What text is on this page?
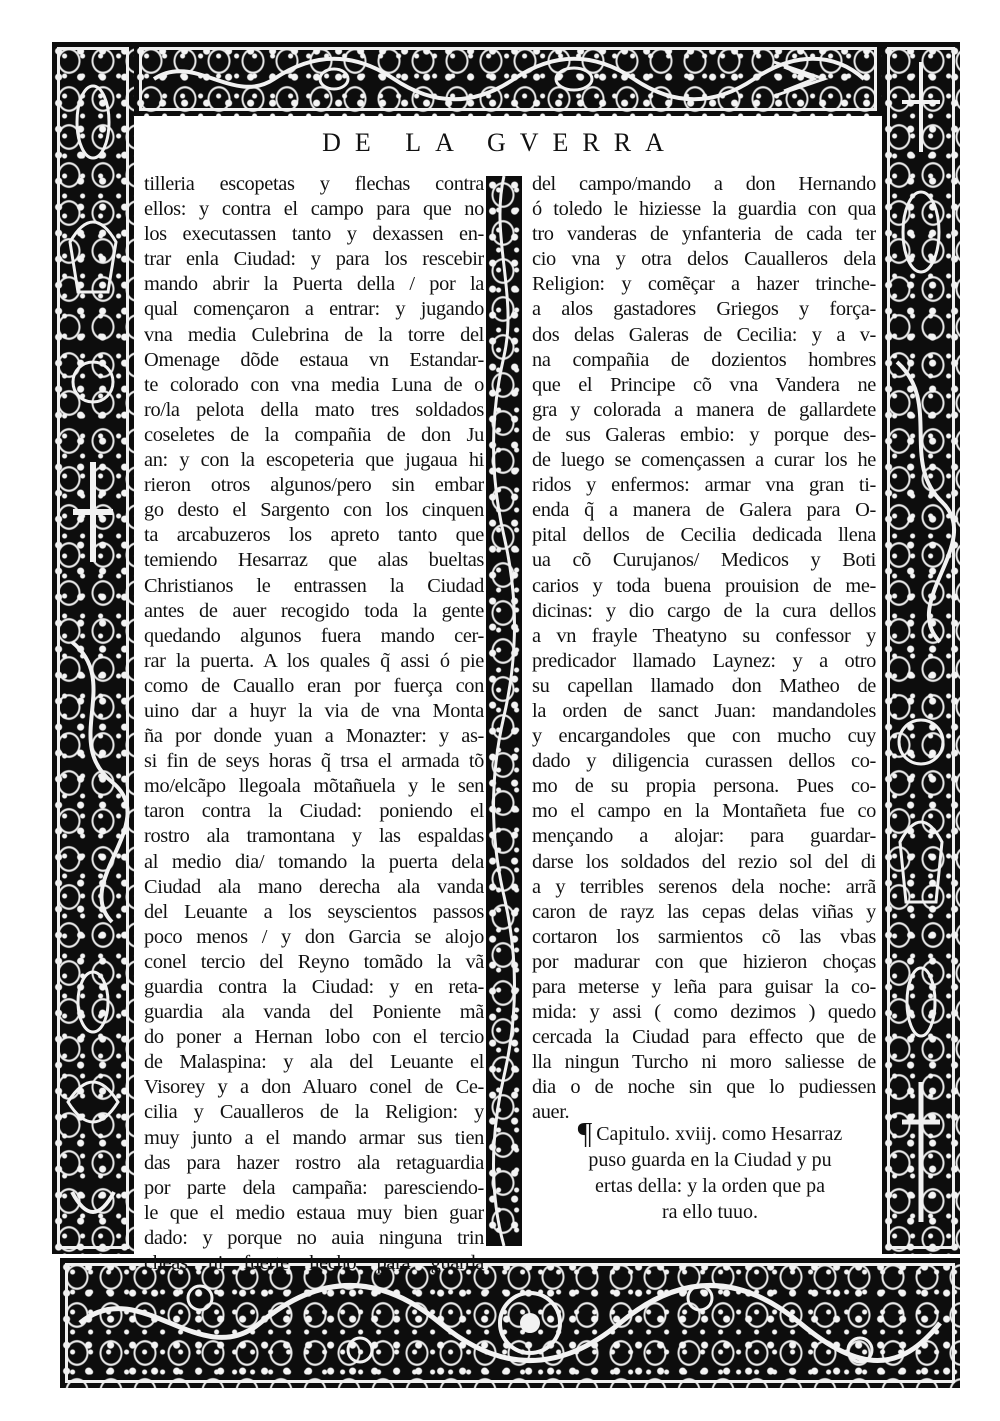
DE LA GVERRA
tilleria escopetas y flechas contra
ellos: y contra el campo para que no
los executassen tanto y dexassen en-
trar enla Ciudad: y para los rescebir
mando abrir la Puerta della / por la
qual començaron a entrar: y jugando
vna media Culebrina de la torre del
Omenage dõde estaua vn Estandar-
te colorado con vna media Luna de o
ro/la pelota della mato tres soldados
coseletes de la compañia de don Ju
an: y con la escopeteria que jugaua hi
rieron otros algunos/pero sin embar
go desto el Sargento con los cinquen
ta arcabuzeros los apreto tanto que
temiendo Hesarraz que alas bueltas
Christianos le entrassen la Ciudad
antes de auer recogido toda la gente
quedando algunos fuera mando cer-
rar la puerta. A los quales q̃ assi ó pie
como de Cauallo eran por fuerça con
uino dar a huyr la via de vna Monta
ña por donde yuan a Monazter: y as-
si fin de seys horas q̃ trsa el armada tõ
mo/elcãpo llegoala mõtañuela y le sen
taron contra la Ciudad: poniendo el
rostro ala tramontana y las espaldas
al medio dia/ tomando la puerta dela
Ciudad ala mano derecha ala vanda
del Leuante a los seyscientos passos
poco menos / y don Garcia se alojo
conel tercio del Reyno tomãdo la vã
guardia contra la Ciudad: y en reta-
guardia ala vanda del Poniente mã
do poner a Hernan lobo con el tercio
de Malaspina: y ala del Leuante el
Visorey y a don Aluaro conel de Ce-
cilia y Caualleros de la Religion: y
muy junto a el mando armar sus tien
das para hazer rostro ala retaguardia
por parte dela campaña: paresciendo-
le que el medio estaua muy bien guar
dado: y porque no auia ninguna trin
cheas ni fuerte hecho para guarda
del campo/mando a don Hernando
ó toledo le hiziesse la guardia con qua
tro vanderas de ynfanteria de cada ter
cio vna y otra delos Caualleros dela
Religion: y comẽçar a hazer trinche-
a alos gastadores Griegos y força-
dos delas Galeras de Cecilia: y a v-
na compañia de dozientos hombres
que el Principe cõ vna Vandera ne
gra y colorada a manera de gallardete
de sus Galeras embio: y porque des-
de luego se començassen a curar los he
ridos y enfermos: armar vna gran ti-
enda q̃ a manera de Galera para O-
pital dellos de Cecilia dedicada llena
ua cõ Curujanos/ Medicos y Boti
carios y toda buena prouision de me-
dicinas: y dio cargo de la cura dellos
a vn frayle Theatyno su confessor y
predicador llamado Laynez: y a otro
su capellan llamado don Matheo de
la orden de sanct Juan: mandandoles
y encargandoles que con mucho cuy
dado y diligencia curassen dellos co-
mo de su propia persona. Pues co-
mo el campo en la Montañeta fue co
mençando a alojar: para guardar-
darse los soldados del rezio sol del di
a y terribles serenos dela noche: arrã
caron de rayz las cepas delas viñas y
cortaron los sarmientos cõ las vbas
por madurar con que hizieron choças
para meterse y leña para guisar la co-
mida: y assi ( como dezimos ) quedo
cercada la Ciudad para effecto que de
lla ningun Turcho ni moro saliesse de
dia o de noche sin que lo pudiessen
auer.
¶ Capitulo. xviij. como Hesarraz
puso guarda en la Ciudad y pu
ertas della: y la orden que pa
ra ello tuuo.
